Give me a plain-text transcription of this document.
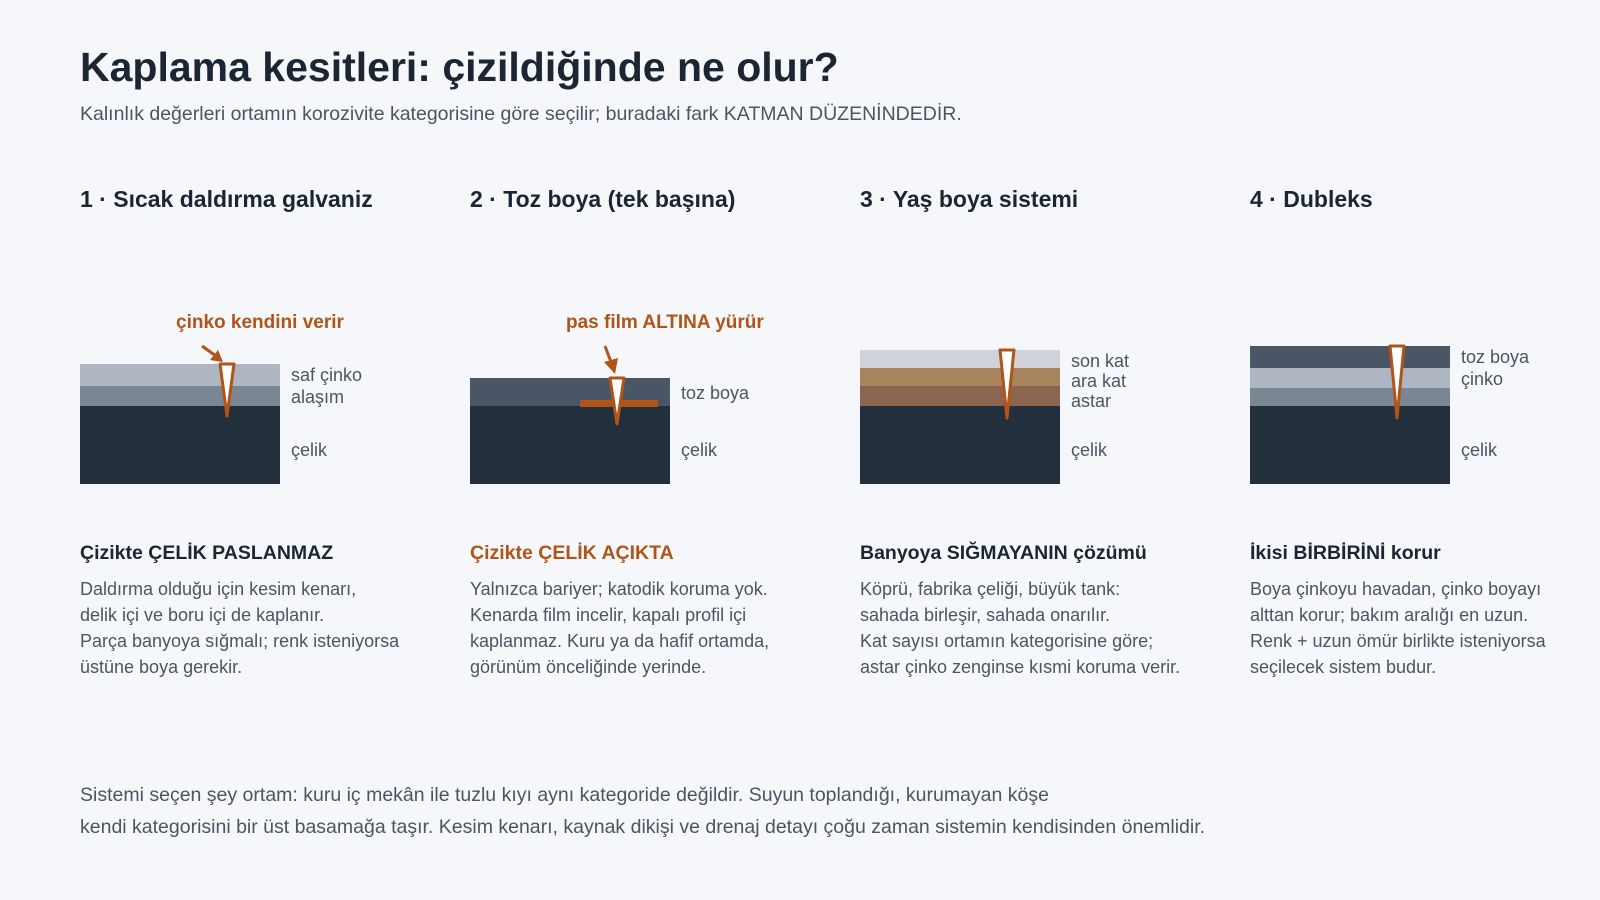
Kaplama kesitleri: çizildiğinde ne olur?

Kalınlık değerleri ortamın korozivite kategorisine göre seçilir; buradaki fark KATMAN DÜZENİNDEDİR.

1 · Sıcak daldırma galvaniz
çinko kendini verir
saf çinko
alaşım
çelik
Çizikte ÇELİK PASLANMAZ
Daldırma olduğu için kesim kenarı,
delik içi ve boru içi de kaplanır.
Parça banyoya sığmalı; renk isteniyorsa
üstüne boya gerekir.
2 · Toz boya (tek başına)
pas film ALTINA yürür
toz boya
çelik
Çizikte ÇELİK AÇIKTA
Yalnızca bariyer; katodik koruma yok.
Kenarda film incelir, kapalı profil içi
kaplanmaz. Kuru ya da hafif ortamda,
görünüm önceliğinde yerinde.
3 · Yaş boya sistemi
son kat
ara kat
astar
çelik
Banyoya SIĞMAYANIN çözümü
Köprü, fabrika çeliği, büyük tank:
sahada birleşir, sahada onarılır.
Kat sayısı ortamın kategorisine göre;
astar çinko zenginse kısmi koruma verir.
4 · Dubleks
toz boya
çinko
çelik
İkisi BİRBİRİNİ korur
Boya çinkoyu havadan, çinko boyayı
alttan korur; bakım aralığı en uzun.
Renk + uzun ömür birlikte isteniyorsa
seçilecek sistem budur.
Sistemi seçen şey ortam: kuru iç mekân ile tuzlu kıyı aynı kategoride değildir. Suyun toplandığı, kurumayan köşe
kendi kategorisini bir üst basamağa taşır. Kesim kenarı, kaynak dikişi ve drenaj detayı çoğu zaman sistemin kendisinden önemlidir.
